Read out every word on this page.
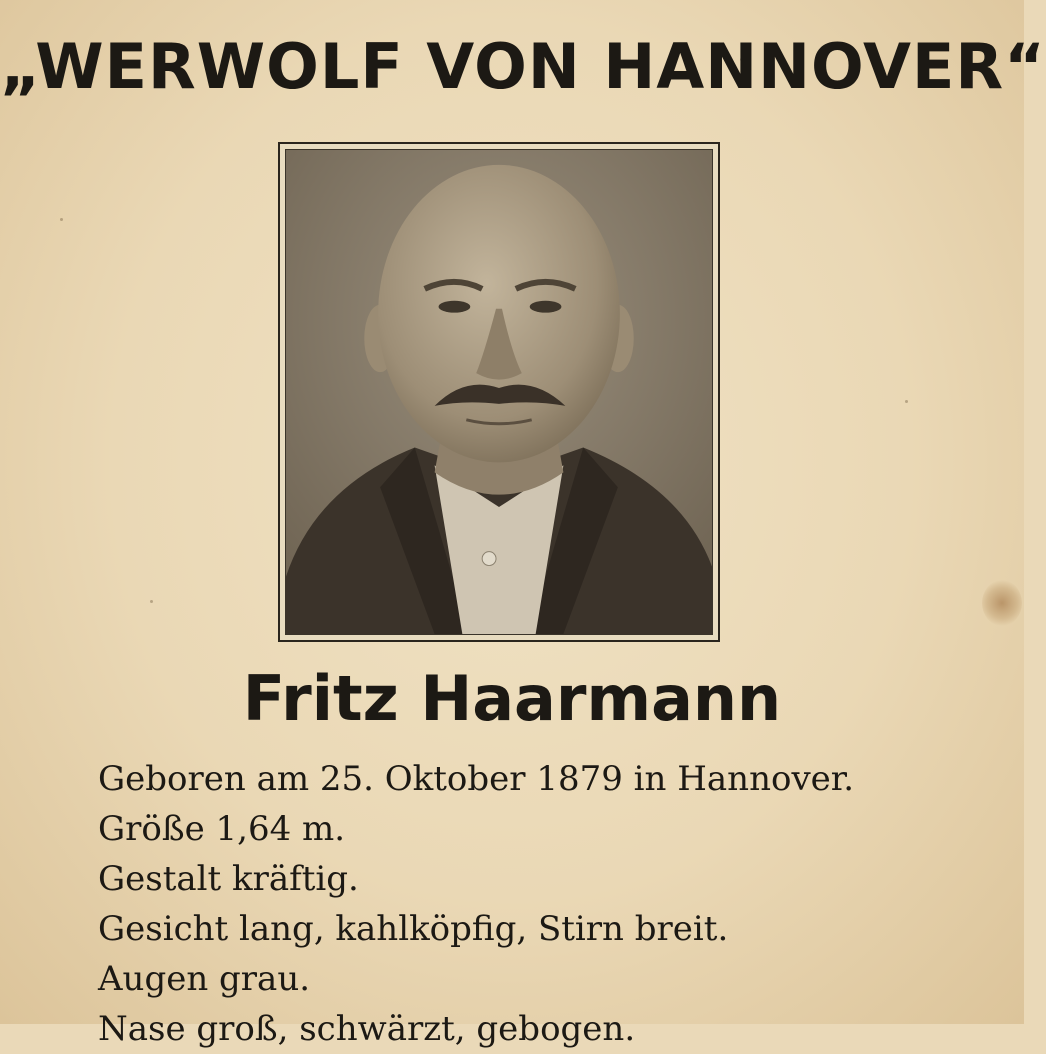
„WERWOLF VON HANNOVER“
Fritz Haarmann
Geboren am 25. Oktober 1879 in Hannover.
Größe 1,64 m.
Gestalt kräftig.
Gesicht lang, kahlköpfig, Stirn breit.
Augen grau.
Nase groß, schwärzt, gebogen.
